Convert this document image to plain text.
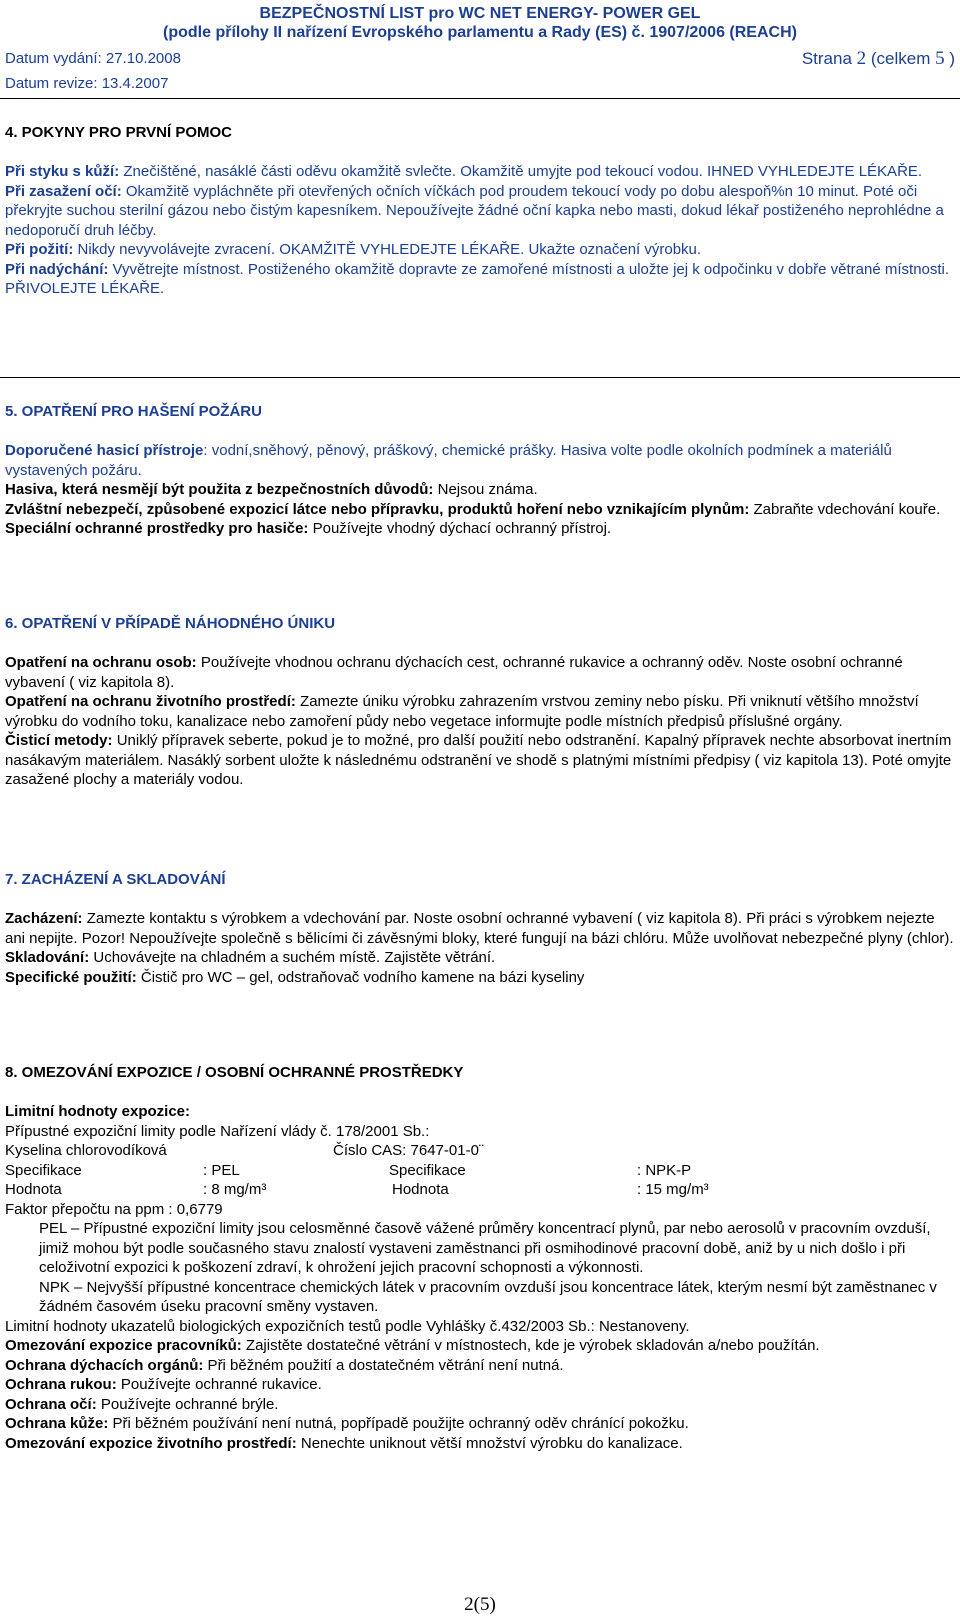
BEZPEČNOSTNÍ LIST pro WC NET ENERGY- POWER GEL
(podle přílohy II nařízení Evropského parlamentu a Rady (ES) č. 1907/2006 (REACH)
Datum vydání: 27.10.2008	Strana 2 (celkem 5 )
Datum revize: 13.4.2007
4. POKYNY PRO PRVNÍ POMOC

Při styku s kůží: Znečištěné, nasáklé části oděvu okamžitě svlečte. Okamžitě umyjte pod tekoucí vodou. IHNED VYHLEDEJTE LÉKAŘE.

Při zasažení očí: Okamžitě vypláchněte při otevřených očních víčkách pod proudem tekoucí vody po dobu alespoň%n 10 minut. Poté oči překryjte suchou sterilní gázou nebo čistým kapesníkem. Nepoužívejte žádné oční kapka nebo masti, dokud lékař postiženého neprohlédne a nedoporučí druh léčby.

Při požití: Nikdy nevyvolávejte zvracení. OKAMŽITĚ VYHLEDEJTE LÉKAŘE. Ukažte označení výrobku.

Při nadýchání: Vyvětrejte místnost. Postiženého okamžitě dopravte ze zamořené místnosti a uložte jej k odpočinku v dobře větrané místnosti. PŘIVOLEJTE LÉKAŘE.

5. OPATŘENÍ PRO HAŠENÍ POŽÁRU

Doporučené hasicí přístroje: vodní,sněhový, pěnový, práškový, chemické prášky. Hasiva volte podle okolních podmínek a materiálů vystavených požáru.

Hasiva, která nesmějí být použita z bezpečnostních důvodů: Nejsou známa.

Zvláštní nebezpečí, způsobené expozicí látce nebo přípravku, produktů hoření nebo vznikajícím plynům: Zabraňte vdechování kouře.

Speciální ochranné prostředky pro hasiče: Používejte vhodný dýchací ochranný přístroj.

6. OPATŘENÍ V PŘÍPADĚ NÁHODNÉHO ÚNIKU

Opatření na ochranu osob: Používejte vhodnou ochranu dýchacích cest, ochranné rukavice a ochranný oděv. Noste osobní ochranné vybavení ( viz kapitola 8).

Opatření na ochranu životního prostředí: Zamezte úniku výrobku zahrazením vrstvou zeminy nebo písku. Při vniknutí většího množství výrobku do vodního toku, kanalizace nebo zamoření půdy nebo vegetace informujte podle místních předpisů příslušné orgány.

Čisticí metody: Uniklý přípravek seberte, pokud je to možné, pro další použití nebo odstranění. Kapalný přípravek nechte absorbovat inertním nasákavým materiálem. Nasáklý sorbent uložte k následnému odstranění ve shodě s platnými místními předpisy ( viz kapitola 13). Poté omyjte zasažené plochy a materiály vodou.

7. ZACHÁZENÍ A SKLADOVÁNÍ

Zacházení: Zamezte kontaktu s výrobkem a vdechování par. Noste osobní ochranné vybavení ( viz kapitola 8). Při práci s výrobkem nejezte ani nepijte. Pozor! Nepoužívejte společně s bělicími či závěsnými bloky, které fungují na bázi chlóru. Může uvolňovat nebezpečné plyny (chlor).

Skladování: Uchovávejte na chladném a suchém místě. Zajistěte větrání.

Specifické použití: Čistič pro WC – gel, odstraňovač vodního kamene na bázi kyseliny

8. OMEZOVÁNÍ EXPOZICE / OSOBNÍ OCHRANNÉ PROSTŘEDKY

Limitní hodnoty expozice:

Přípustné expoziční limity podle Nařízení vlády č. 178/2001 Sb.:

Kyselina chlorovodíková	Číslo CAS: 7647-01-0¨
Specifikace	: PEL	Specifikace	: NPK-P
Hodnota	: 8 mg/m³	Hodnota	: 15 mg/m³

Faktor přepočtu na ppm : 0,6779

PEL – Přípustné expoziční limity jsou celosměnné časově vážené průměry koncentrací plynů, par nebo aerosolů v pracovním ovzduší, jimiž mohou být podle současného stavu znalostí vystaveni zaměstnanci při osmihodinové pracovní době, aniž by u nich došlo i při celoživotní expozici k poškození zdraví, k ohrožení jejich pracovní schopnosti a výkonnosti.

NPK – Nejvyšší přípustné koncentrace chemických látek v pracovním ovzduší jsou koncentrace látek, kterým nesmí být zaměstnanec v žádném časovém úseku pracovní směny vystaven.

Limitní hodnoty ukazatelů biologických expozičních testů podle Vyhlášky č.432/2003 Sb.: Nestanoveny.

Omezování expozice pracovníků: Zajistěte dostatečné větrání v místnostech, kde je výrobek skladován a/nebo použítán.

Ochrana dýchacích orgánů: Při běžném použití a dostatečném větrání není nutná.

Ochrana rukou: Používejte ochranné rukavice.

Ochrana očí: Používejte ochranné brýle.

Ochrana kůže: Při běžném používání není nutná, popřípadě použijte ochranný oděv chránící pokožku.

Omezování expozice životního prostředí: Nenechte uniknout větší množství výrobku do kanalizace.

2(5)
